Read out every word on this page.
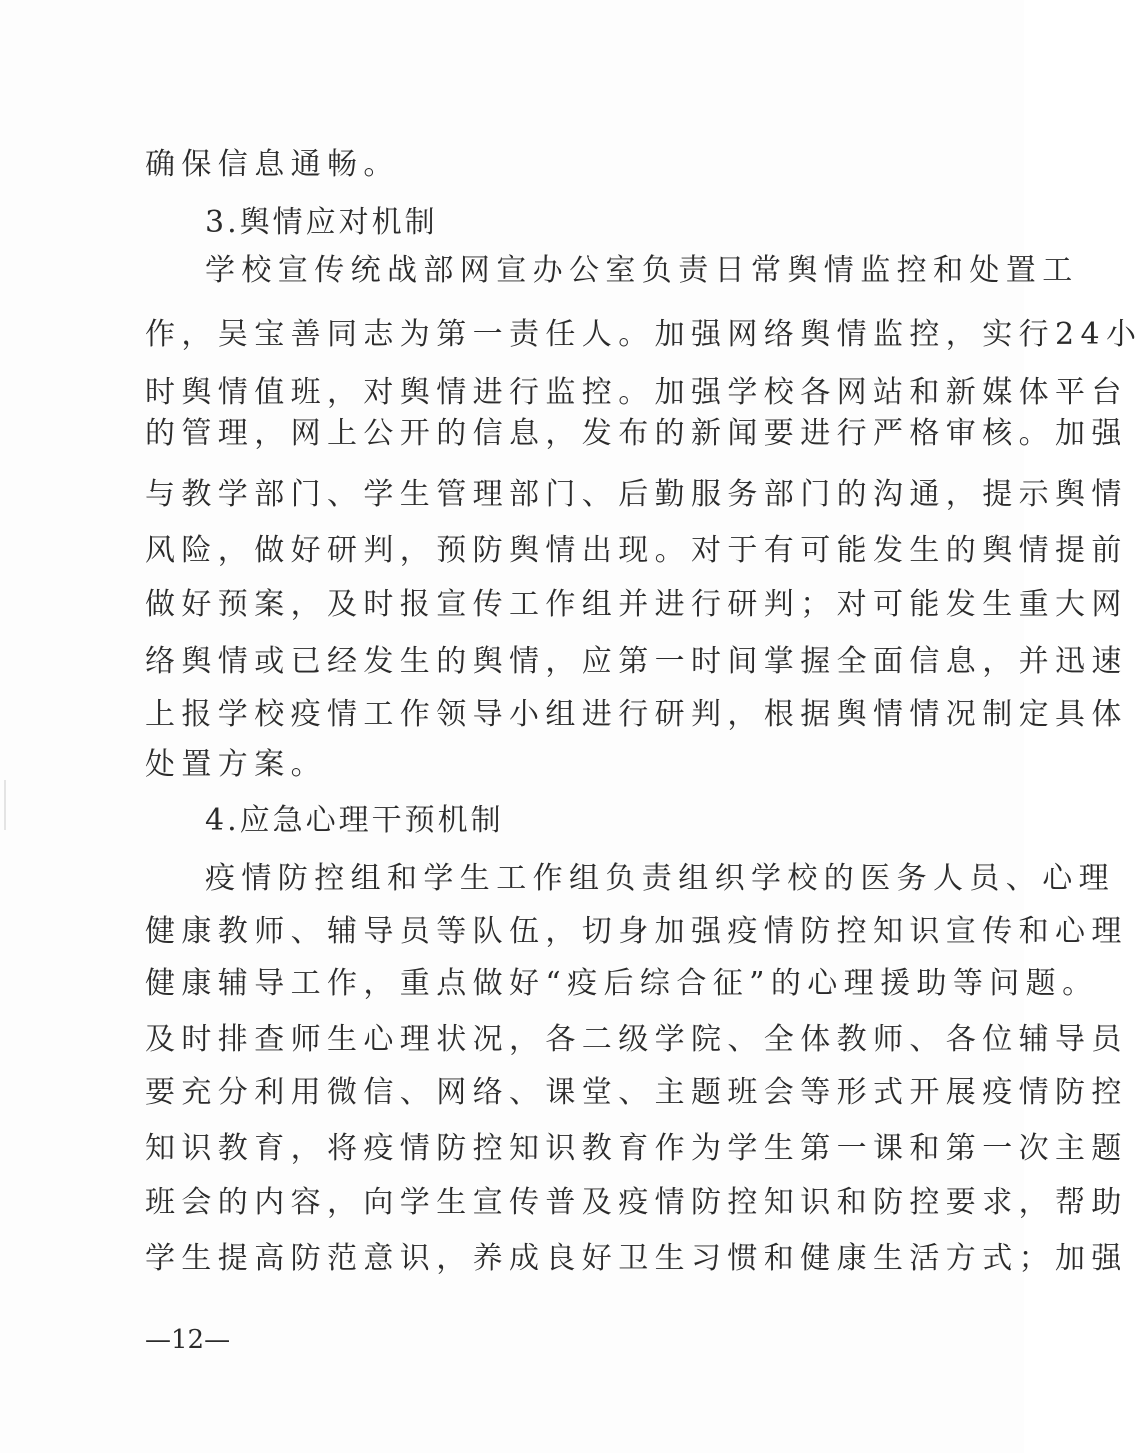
确保信息通畅。
3.舆情应对机制
学校宣传统战部网宣办公室负责日常舆情监控和处置工
作，吴宝善同志为第一责任人。加强网络舆情监控，实行24小
时舆情值班，对舆情进行监控。加强学校各网站和新媒体平台
的管理，网上公开的信息，发布的新闻要进行严格审核。加强
与教学部门、学生管理部门、后勤服务部门的沟通，提示舆情
风险，做好研判，预防舆情出现。对于有可能发生的舆情提前
做好预案，及时报宣传工作组并进行研判；对可能发生重大网
络舆情或已经发生的舆情，应第一时间掌握全面信息，并迅速
上报学校疫情工作领导小组进行研判，根据舆情情况制定具体
处置方案。
4.应急心理干预机制
疫情防控组和学生工作组负责组织学校的医务人员、心理
健康教师、辅导员等队伍，切身加强疫情防控知识宣传和心理
健康辅导工作，重点做好“疫后综合征”的心理援助等问题。
及时排查师生心理状况，各二级学院、全体教师、各位辅导员
要充分利用微信、网络、课堂、主题班会等形式开展疫情防控
知识教育，将疫情防控知识教育作为学生第一课和第一次主题
班会的内容，向学生宣传普及疫情防控知识和防控要求，帮助
学生提高防范意识，养成良好卫生习惯和健康生活方式；加强
—12—
